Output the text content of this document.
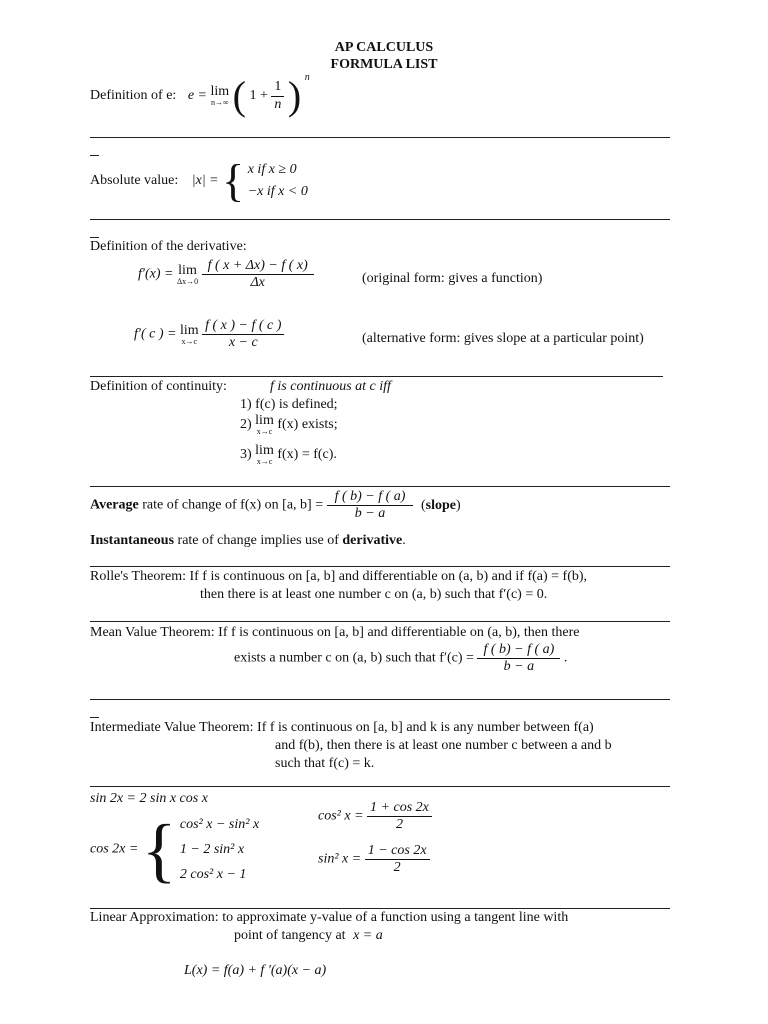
AP CALCULUS
FORMULA LIST
Definition of e: e = lim
n→∞ ( $1 + \frac{1}{n}$ ) $^n$
Absolute value: |x| = { x if x ≥ 0
−x if x < 0
Definition of the derivative:
f′(x) = lim
Δx→0
$\frac{f ( x + \Delta x) - f ( x)}{\Delta x}$	(original form: gives a function)
f′( c ) = lim
x→c
$\frac{f ( x ) - f ( c )}{x - c}$	(alternative form: gives slope at a particular point)
Definition of continuity:	f is continuous at c iff
1) f(c) is defined;
2) lim
x→c f(x) exists;
3) lim
x→c f(x) = f(c).
Average rate of change of f(x) on [a, $b] = \frac{f ( b) - f ( a)}{b - a}$ (slope)
Instantaneous rate of change implies use of derivative.
Rolle's Theorem: If f is continuous on [a, b] and differentiable on (a, b) and if f(a) = f(b),
then there is at least one number c on (a, b) such that f′(c) = 0.
Mean Value Theorem: If f is continuous on [a, b] and differentiable on (a, b), then there
exists a number c on (a, b) such that $f'(c) = \frac{f ( b) - f ( a)}{b - a}$ .
Intermediate Value Theorem: If f is continuous on [a, b] and k is any number between f(a)
and f(b), then there is at least one number c between a and b
such that f(c) = k.
sin 2x = 2 sin x cos x
cos 2x = { cos² x − sin² x
1 − 2 sin² x
2 cos² x − 1
cos² $x = \frac{1 + \cos 2x}{2}$
sin² $x = \frac{1 - \cos 2x}{2}$
Linear Approximation: to approximate y-value of a function using a tangent line with
point of tangency at x = a
L(x) = f(a) + f ′(a)(x − a)
